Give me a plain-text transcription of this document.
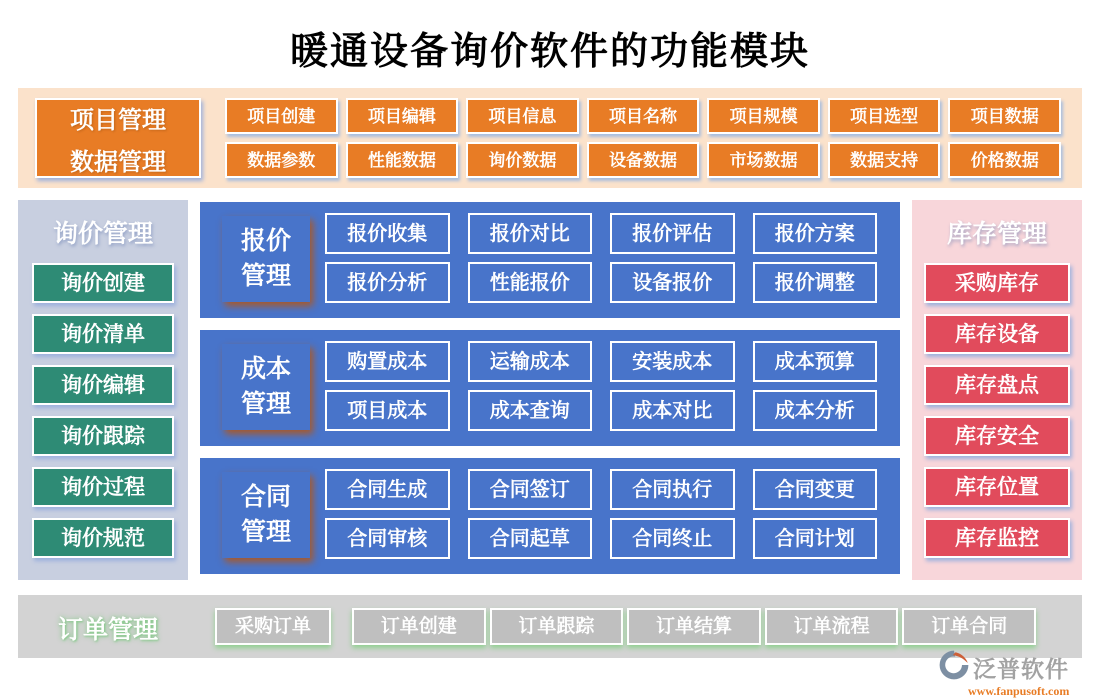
暖通设备询价软件的功能模块
项目管理
数据管理
项目创建	项目编辑	项目信息	项目名称	项目规模	项目选型	项目数据
数据参数	性能数据	询价数据	设备数据	市场数据	数据支持	价格数据
询价管理
询价创建
询价清单
询价编辑
询价跟踪
询价过程
询价规范
报价管理
报价收集	报价对比	报价评估	报价方案
报价分析	性能报价	设备报价	报价调整
成本管理
购置成本	运输成本	安装成本	成本预算
项目成本	成本查询	成本对比	成本分析
合同管理
合同生成	合同签订	合同执行	合同变更
合同审核	合同起草	合同终止	合同计划
库存管理
采购库存
库存设备
库存盘点
库存安全
库存位置
库存监控
订单管理	采购订单	订单创建	订单跟踪	订单结算	订单流程	订单合同
泛普软件
www.fanpusoft.com
